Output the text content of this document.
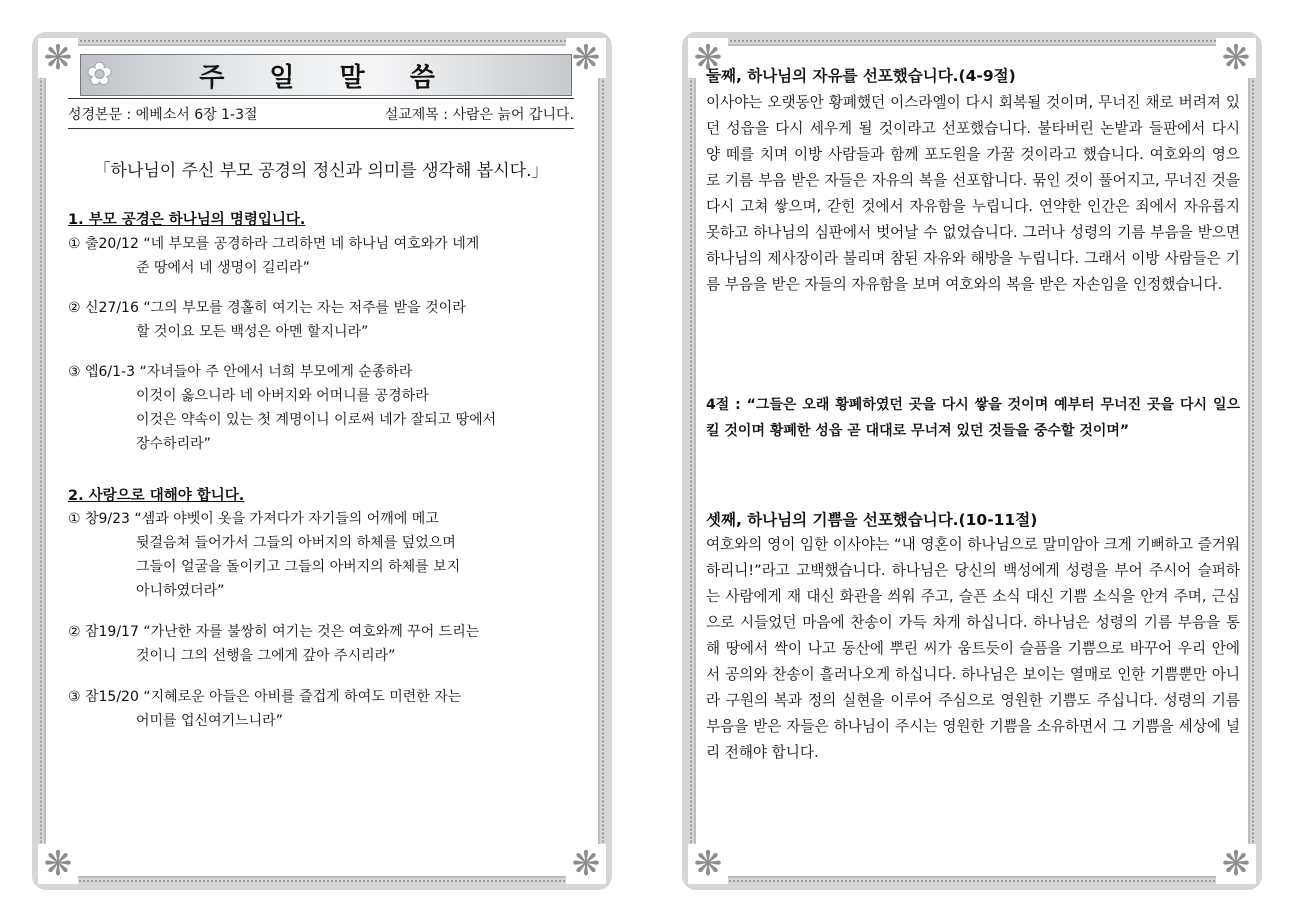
❋	❋
❋	❋
✿	주 일 말 씀
성경본문 : 에베소서 6장 1-3절	설교제목 : 사람은 늙어 갑니다.
「하나님이 주신 부모 공경의 정신과 의미를 생각해 봅시다.」
1. 부모 공경은 하나님의 명령입니다.
① 출20/12 “네 부모를 공경하라 그리하면 네 하나님 여호와가 네게
준 땅에서 네 생명이 길리라”
② 신27/16 “그의 부모를 경홀히 여기는 자는 저주를 받을 것이라
할 것이요 모든 백성은 아멘 할지니라”
③ 엡6/1-3 “자녀들아 주 안에서 너희 부모에게 순종하라
이것이 옳으니라 네 아버지와 어머니를 공경하라
이것은 약속이 있는 첫 계명이니 이로써 네가 잘되고 땅에서
장수하리라”
2. 사랑으로 대해야 합니다.
① 창9/23 “셈과 야벳이 옷을 가져다가 자기들의 어깨에 메고
뒷걸음쳐 들어가서 그들의 아버지의 하체를 덮었으며
그들이 얼굴을 돌이키고 그들의 아버지의 하체를 보지
아니하였더라”
② 잠19/17 “가난한 자를 불쌍히 여기는 것은 여호와께 꾸어 드리는
것이니 그의 선행을 그에게 갚아 주시리라”
③ 잠15/20 “지혜로운 아들은 아비를 즐겁게 하여도 미련한 자는
어미를 업신여기느니라”
❋	❋
❋	❋
둘째, 하나님의 자유를 선포했습니다.(4-9절)
이사야는 오랫동안 황폐했던 이스라엘이 다시 회복될 것이며, 무너진 채로 버려져 있던 성읍을 다시 세우게 될 것이라고 선포했습니다. 불타버린 논밭과 들판에서 다시 양 떼를 치며 이방 사람들과 함께 포도원을 가꿀 것이라고 했습니다. 여호와의 영으로 기름 부음 받은 자들은 자유의 복을 선포합니다. 묶인 것이 풀어지고, 무너진 것을 다시 고쳐 쌓으며, 갇힌 것에서 자유함을 누립니다. 연약한 인간은 죄에서 자유롭지 못하고 하나님의 심판에서 벗어날 수 없었습니다. 그러나 성령의 기름 부음을 받으면 하나님의 제사장이라 불리며 참된 자유와 해방을 누립니다. 그래서 이방 사람들은 기름 부음을 받은 자들의 자유함을 보며 여호와의 복을 받은 자손임을 인정했습니다.
4절 : “그들은 오래 황폐하였던 곳을 다시 쌓을 것이며 예부터 무너진 곳을 다시 일으킬 것이며 황폐한 성읍 곧 대대로 무너져 있던 것들을 중수할 것이며”
셋째, 하나님의 기쁨을 선포했습니다.(10-11절)
여호와의 영이 임한 이사야는 “내 영혼이 하나님으로 말미암아 크게 기뻐하고 즐거워하리니!”라고 고백했습니다. 하나님은 당신의 백성에게 성령을 부어 주시어 슬퍼하는 사람에게 재 대신 화관을 씌워 주고, 슬픈 소식 대신 기쁨 소식을 안겨 주며, 근심으로 시들었던 마음에 찬송이 가득 차게 하십니다. 하나님은 성령의 기름 부음을 통해 땅에서 싹이 나고 동산에 뿌린 씨가 움트듯이 슬픔을 기쁨으로 바꾸어 우리 안에서 공의와 찬송이 흘러나오게 하십니다. 하나님은 보이는 열매로 인한 기쁨뿐만 아니라 구원의 복과 정의 실현을 이루어 주심으로 영원한 기쁨도 주십니다. 성령의 기름 부음을 받은 자들은 하나님이 주시는 영원한 기쁨을 소유하면서 그 기쁨을 세상에 널리 전해야 합니다.
